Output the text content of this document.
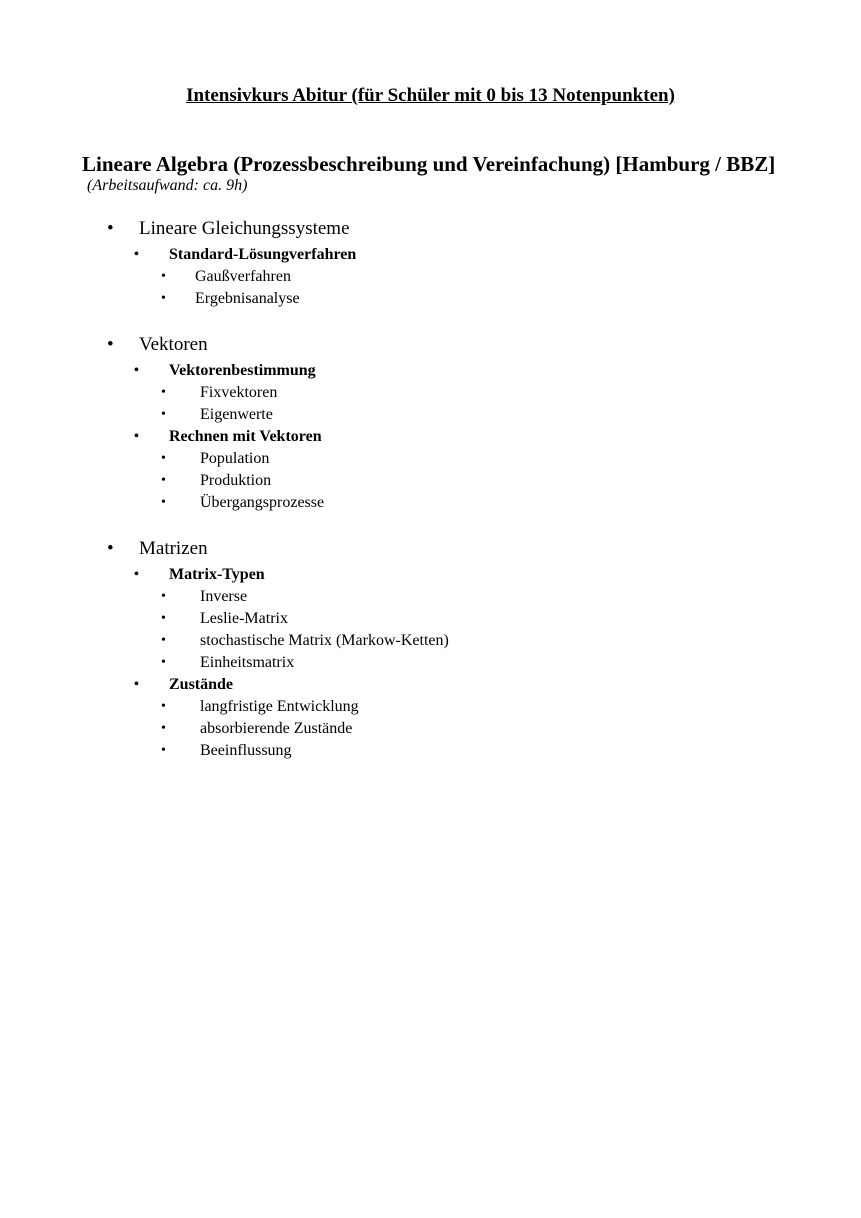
Intensivkurs Abitur (für Schüler mit 0 bis 13 Notenpunkten)
Lineare Algebra (Prozessbeschreibung und Vereinfachung) [Hamburg / BBZ]
(Arbeitsaufwand: ca. 9h)
• Lineare Gleichungssysteme
• Standard-Lösungverfahren
• Gaußverfahren
• Ergebnisanalyse
• Vektoren
• Vektorenbestimmung
• Fixvektoren
• Eigenwerte
• Rechnen mit Vektoren
• Population
• Produktion
• Übergangsprozesse
• Matrizen
• Matrix-Typen
• Inverse
• Leslie-Matrix
• stochastische Matrix (Markow-Ketten)
• Einheitsmatrix
• Zustände
• langfristige Entwicklung
• absorbierende Zustände
• Beeinflussung
